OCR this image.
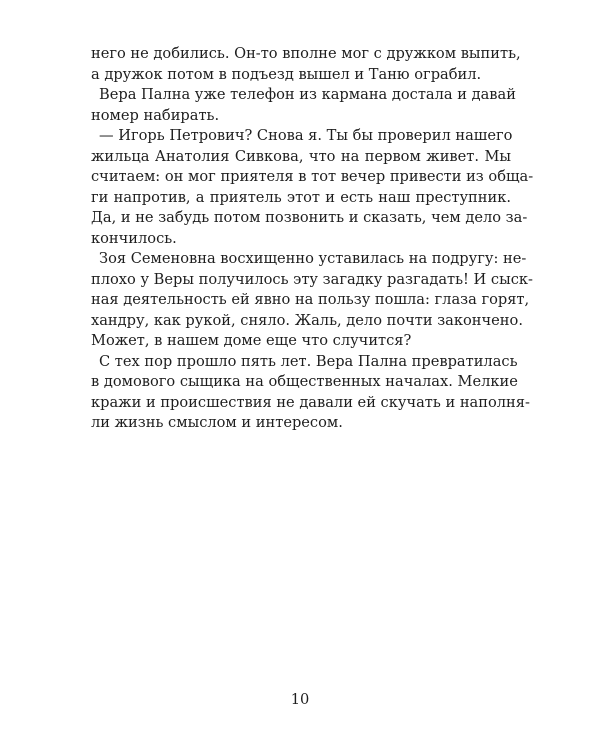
него не добились. Он-то вполне мог с дружком выпить,
а дружок потом в подъезд вышел и Таню ограбил.
Вера Пална уже телефон из кармана достала и давай
номер набирать.
— Игорь Петрович? Снова я. Ты бы проверил нашего
жильца Анатолия Сивкова, что на первом живет. Мы
считаем: он мог приятеля в тот вечер привести из обща-
ги напротив, а приятель этот и есть наш преступник.
Да, и не забудь потом позвонить и сказать, чем дело за-
кончилось.
Зоя Семеновна восхищенно уставилась на подругу: не-
плохо у Веры получилось эту загадку разгадать! И сыск-
ная деятельность ей явно на пользу пошла: глаза горят,
хандру, как рукой, сняло. Жаль, дело почти закончено.
Может, в нашем доме еще что случится?
С тех пор прошло пять лет. Вера Пална превратилась
в домового сыщика на общественных началах. Мелкие
кражи и происшествия не давали ей скучать и наполня-
ли жизнь смыслом и интересом.
10
